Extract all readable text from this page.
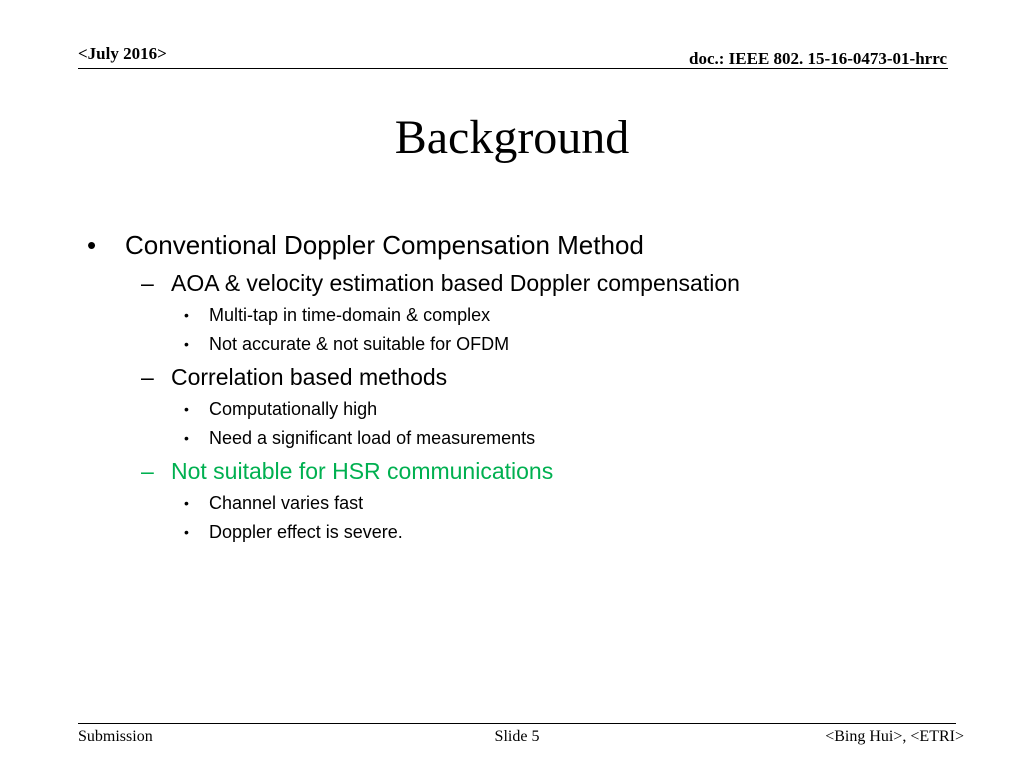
<July 2016>	doc.: IEEE 802. 15-16-0473-01-hrrc
Background
• Conventional Doppler Compensation Method
– AOA & velocity estimation based Doppler compensation
• Multi-tap in time-domain & complex
• Not accurate & not suitable for OFDM
– Correlation based methods
• Computationally high
• Need a significant load of measurements
– Not suitable for HSR communications
• Channel varies fast
• Doppler effect is severe.
Submission	Slide 5	<Bing Hui>, <ETRI>
